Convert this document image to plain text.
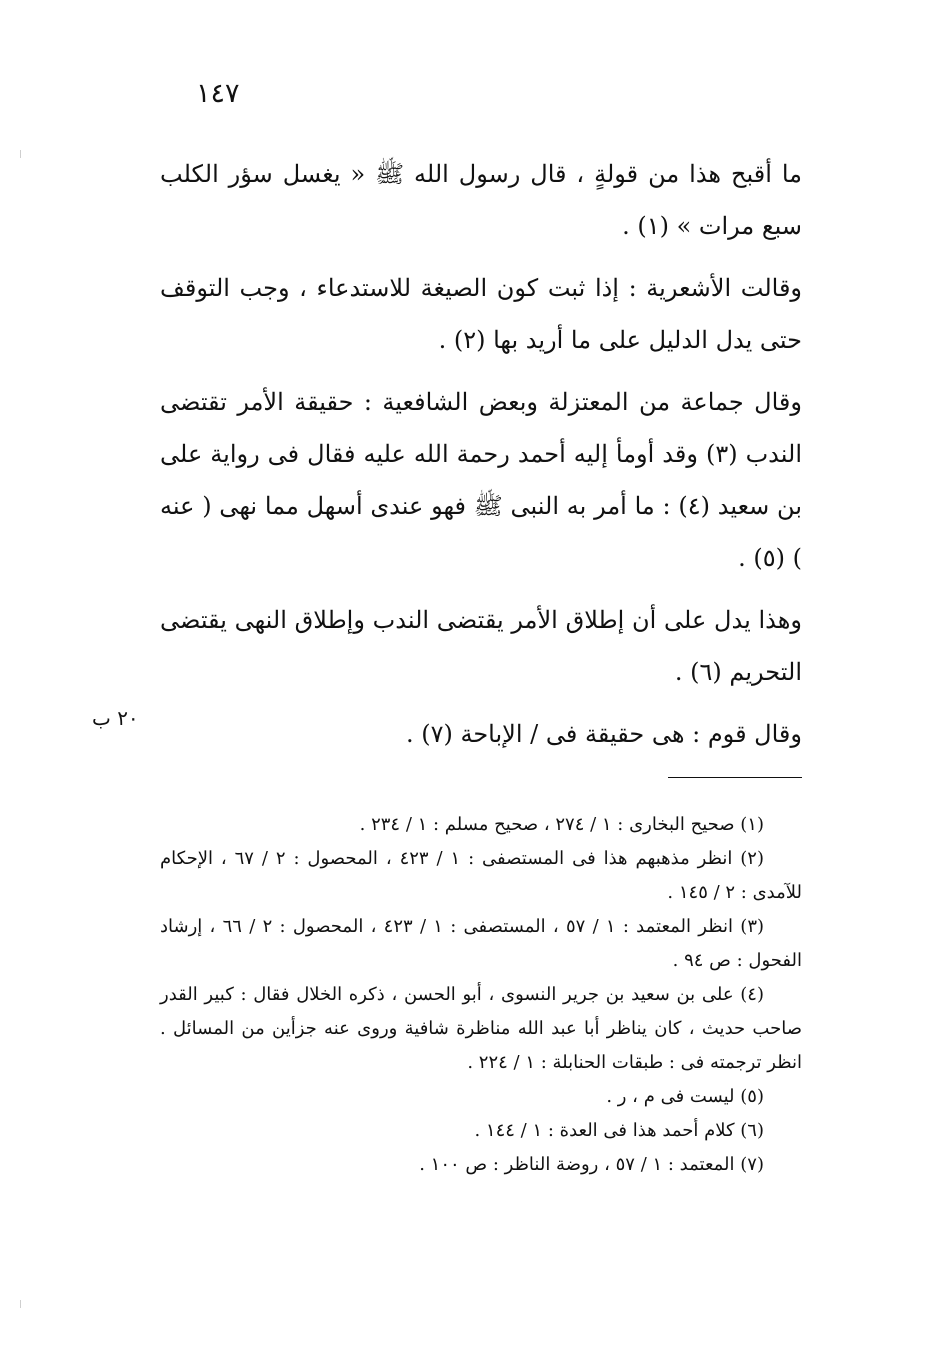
١٤٧

ما أقبح هذا من قولةٍ ، قال رسول الله ﷺ « يغسل سؤر الكلب سبع مرات » (١) .

وقالت الأشعرية : إذا ثبت كون الصيغة للاستدعاء ، وجب التوقف حتى يدل الدليل على ما أريد بها (٢) .

وقال جماعة من المعتزلة وبعض الشافعية : حقيقة الأمر تقتضى الندب (٣) وقد أومأ إليه أحمد رحمة الله عليه فقال فى رواية على بن سعيد (٤) : ما أمر به النبى ﷺ فهو عندى أسهل مما نهى ( عنه ) (٥) .

وهذا يدل على أن إطلاق الأمر يقتضى الندب وإطلاق النهى يقتضى التحريم (٦) .

وقال قوم : هى حقيقة فى / الإباحة (٧) .

٢٠ ب

(١) صحيح البخارى : ١ / ٢٧٤ ، صحيح مسلم : ١ / ٢٣٤ .

(٢) انظر مذهبهم هذا فى المستصفى : ١ / ٤٢٣ ، المحصول : ٢ / ٦٧ ، الإحكام للآمدى : ٢ / ١٤٥ .

(٣) انظر المعتمد : ١ / ٥٧ ، المستصفى : ١ / ٤٢٣ ، المحصول : ٢ / ٦٦ ، إرشاد الفحول : ص ٩٤ .

(٤) على بن سعيد بن جرير النسوى ، أبو الحسن ، ذكره الخلال فقال : كبير القدر صاحب حديث ، كان يناظر أبا عبد الله مناظرة شافية وروى عنه جزأين من المسائل . انظر ترجمته فى : طبقات الحنابلة : ١ / ٢٢٤ .

(٥) ليست فى م ، ر .

(٦) كلام أحمد هذا فى العدة : ١ / ١٤٤ .

(٧) المعتمد : ١ / ٥٧ ، روضة الناظر : ص ١٠٠ .
